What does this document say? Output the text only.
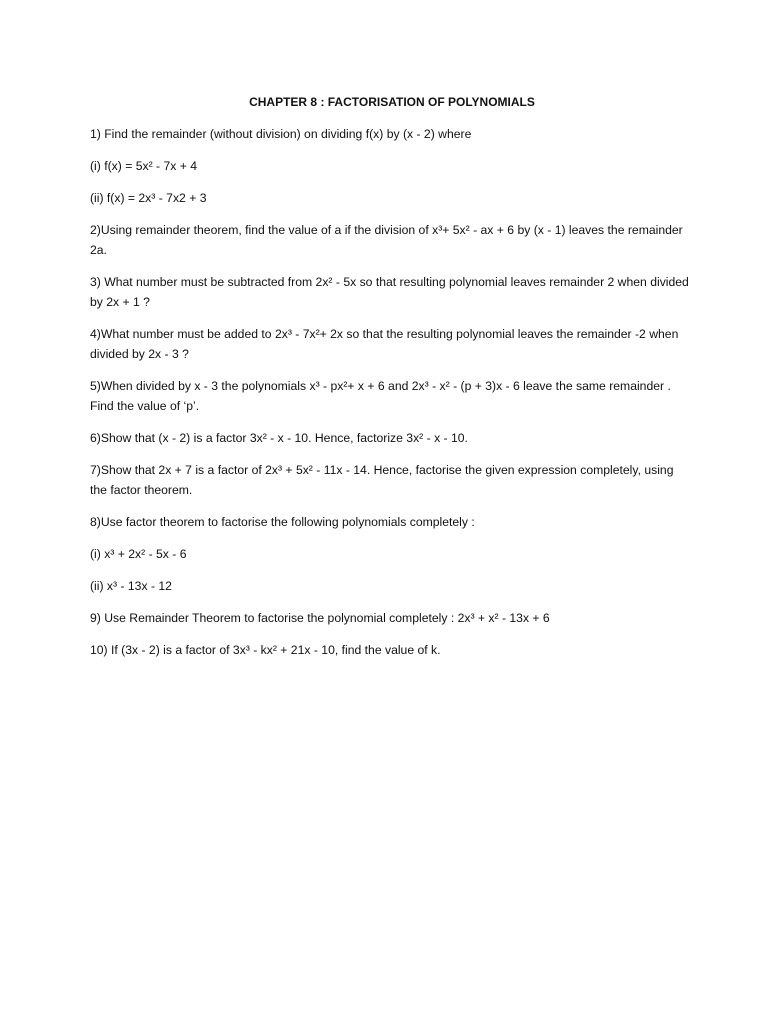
CHAPTER 8 : FACTORISATION OF POLYNOMIALS
1) Find the remainder (without division) on dividing f(x) by (x - 2) where
(i) f(x) = 5x² - 7x + 4
(ii) f(x) = 2x³ - 7x2 + 3
2)Using remainder theorem, find the value of a if the division of x³+ 5x² - ax + 6 by (x - 1) leaves the remainder 2a.
3) What number must be subtracted from 2x² - 5x so that resulting polynomial leaves remainder 2 when divided by 2x + 1 ?
4)What number must be added to 2x³ - 7x²+ 2x so that the resulting polynomial leaves the remainder -2 when divided by 2x - 3 ?
5)When divided by x - 3 the polynomials x³ - px²+ x + 6 and 2x³ - x² - (p + 3)x - 6 leave the same remainder . Find the value of ‘p’.
6)Show that (x - 2) is a factor 3x² - x - 10. Hence, factorize 3x² - x - 10.
7)Show that 2x + 7 is a factor of 2x³ + 5x² - 11x - 14. Hence, factorise the given expression completely, using the factor theorem.
8)Use factor theorem to factorise the following polynomials completely :
(i) x³ + 2x² - 5x - 6
(ii) x³ - 13x - 12
9) Use Remainder Theorem to factorise the polynomial completely : 2x³ + x² - 13x + 6
10) If (3x - 2) is a factor of 3x³ - kx² + 21x - 10, find the value of k.
